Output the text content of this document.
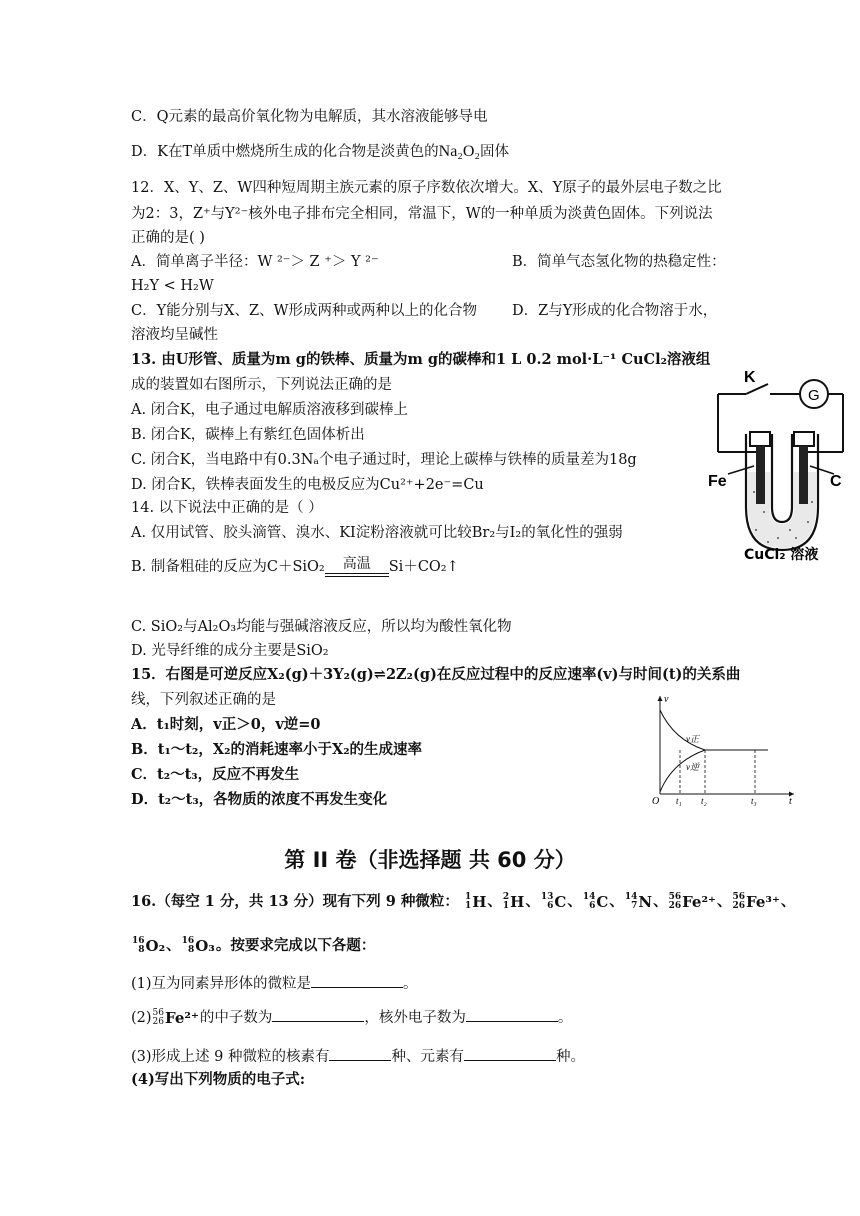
C．Q元素的最高价氧化物为电解质，其水溶液能够导电
D．K在T单质中燃烧所生成的化合物是淡黄色的Na₂O₂固体
12．X、Y、Z、W四种短周期主族元素的原子序数依次增大。X、Y原子的最外层电子数之比
为2：3，Z⁺与Y²⁻核外电子排布完全相同，常温下，W的一种单质为淡黄色固体。下列说法
正确的是( )
A．简单离子半径：W ²⁻＞ Z ⁺＞ Y ²⁻	B．简单气态氢化物的热稳定性：
H₂Y < H₂W
C．Y能分别与X、Z、W形成两种或两种以上的化合物 D．Z与Y形成的化合物溶于水，
溶液均呈碱性
13. 由U形管、质量为m g的铁棒、质量为m g的碳棒和1 L 0.2 mol·L⁻¹ CuCl₂溶液组
成的装置如右图所示，下列说法正确的是
A. 闭合K，电子通过电解质溶液移到碳棒上
B. 闭合K，碳棒上有紫红色固体析出
C. 闭合K，当电路中有0.3Nₐ个电子通过时，理论上碳棒与铁棒的质量差为18g
D. 闭合K，铁棒表面发生的电极反应为Cu²⁺+2e⁻=Cu
K
G
Fe	C
CuCl₂ 溶液
14. 以下说法中正确的是（ ）
A. 仅用试管、胶头滴管、溴水、KI淀粉溶液就可比较Br₂与I₂的氧化性的强弱
B. 制备粗硅的反应为C＋SiO₂	高温	Si＋CO₂↑
C. SiO₂与Al₂O₃均能与强碱溶液反应，所以均为酸性氧化物
D. 光导纤维的成分主要是SiO₂
15．右图是可逆反应X₂(g)＋3Y₂(g)⇌2Z₂(g)在反应过程中的反应速率(v)与时间(t)的关系曲
线，下列叙述正确的是
A．t₁时刻，v正＞0，v逆=0
B．t₁～t₂，X₂的消耗速率小于X₂的生成速率
C．t₂～t₃，反应不再发生
D．t₂～t₃，各物质的浓度不再发生变化
v
O	t
t₁ t₂	t₃
v正
v逆
第 II 卷（非选择题 共 60 分）
16.（每空 1 分，共 13 分）现有下列 9 种微粒： 1
1 H、 2
1 H、 13
6 C、 14
6 C、 14
7 N、 56
26 Fe²⁺、 56
26 Fe³⁺、
16
8 O₂、 16
8 O₃。按要求完成以下各题：
(1)互为同素异形体的微粒是	。
(2) 56
26 Fe²⁺的中子数为	，核外电子数为	。
(3)形成上述 9 种微粒的核素有	种、元素有	种。
(4)写出下列物质的电子式:
